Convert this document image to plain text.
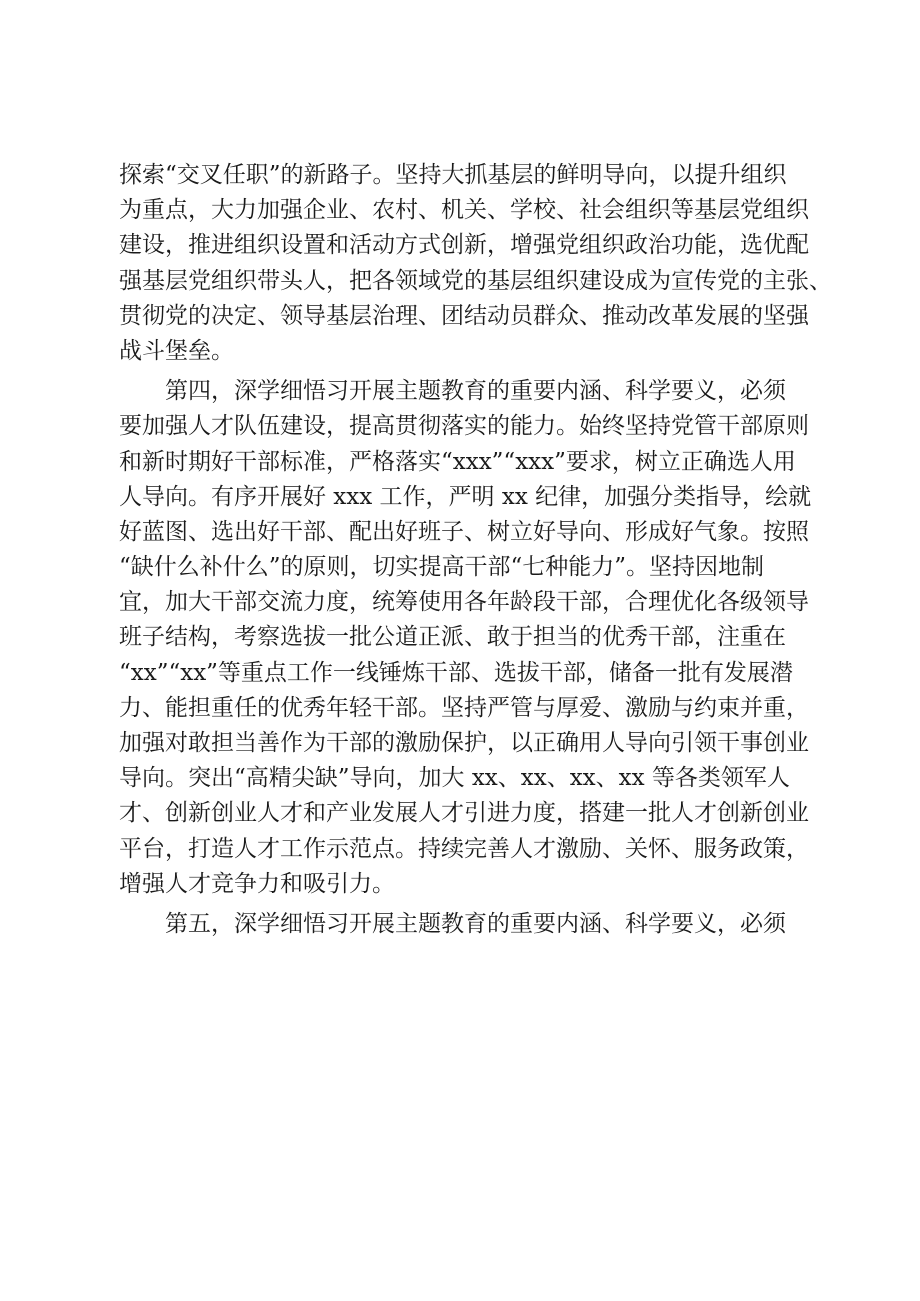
探索“交叉任职”的新路子。坚持大抓基层的鲜明导向，以提升组织
为重点，大力加强企业、农村、机关、学校、社会组织等基层党组织
建设，推进组织设置和活动方式创新，增强党组织政治功能，选优配
强基层党组织带头人，把各领域党的基层组织建设成为宣传党的主张、
贯彻党的决定、领导基层治理、团结动员群众、推动改革发展的坚强
战斗堡垒。
第四，深学细悟习开展主题教育的重要内涵、科学要义，必须
要加强人才队伍建设，提高贯彻落实的能力。始终坚持党管干部原则
和新时期好干部标准，严格落实“xxx”“xxx”要求，树立正确选人用
人导向。有序开展好 xxx 工作，严明 xx 纪律，加强分类指导，绘就
好蓝图、选出好干部、配出好班子、树立好导向、形成好气象。按照
“缺什么补什么”的原则，切实提高干部“七种能力”。坚持因地制
宜，加大干部交流力度，统筹使用各年龄段干部，合理优化各级领导
班子结构，考察选拔一批公道正派、敢于担当的优秀干部，注重在
“xx”“xx”等重点工作一线锤炼干部、选拔干部，储备一批有发展潜
力、能担重任的优秀年轻干部。坚持严管与厚爱、激励与约束并重，
加强对敢担当善作为干部的激励保护，以正确用人导向引领干事创业
导向。突出“高精尖缺”导向，加大 xx、xx、xx、xx 等各类领军人
才、创新创业人才和产业发展人才引进力度，搭建一批人才创新创业
平台，打造人才工作示范点。持续完善人才激励、关怀、服务政策，
增强人才竞争力和吸引力。
第五，深学细悟习开展主题教育的重要内涵、科学要义，必须
